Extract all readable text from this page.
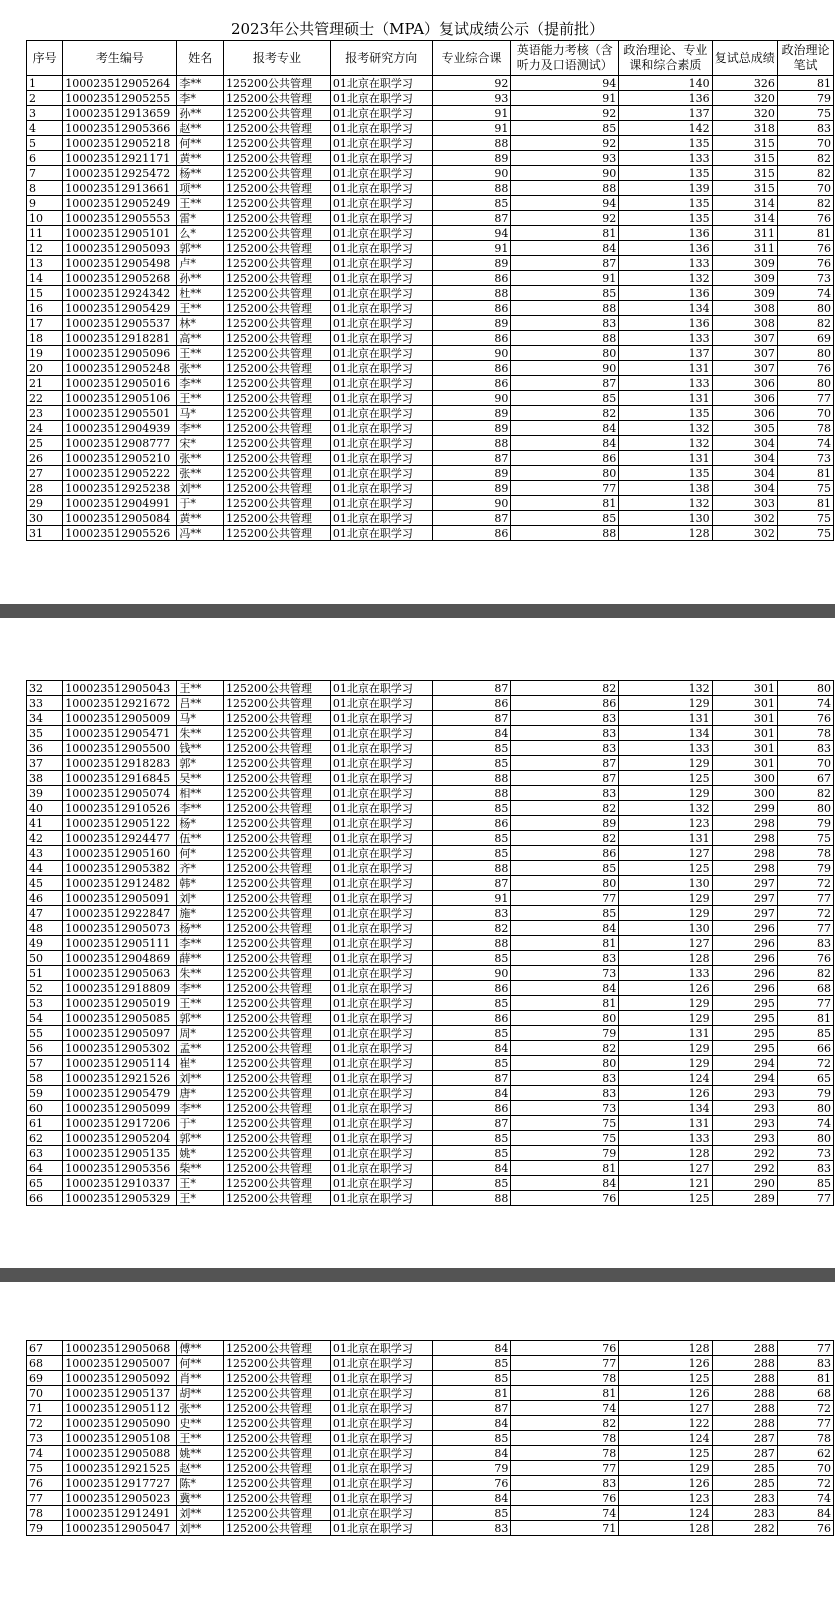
2023年公共管理硕士（MPA）复试成绩公示（提前批）
序号	考生编号	姓名	报考专业	报考研究方向	专业综合课	英语能力考核（含听力及口语测试）	政治理论、专业课和综合素质	复试总成绩	政治理论笔试
1	100023512905264	李**	125200公共管理	01北京在职学习	92	94	140	326	81
2	100023512905255	李*	125200公共管理	01北京在职学习	93	91	136	320	79
3	100023512913659	孙**	125200公共管理	01北京在职学习	91	92	137	320	75
4	100023512905366	赵**	125200公共管理	01北京在职学习	91	85	142	318	83
5	100023512905218	何**	125200公共管理	01北京在职学习	88	92	135	315	70
6	100023512921171	黄**	125200公共管理	01北京在职学习	89	93	133	315	82
7	100023512925472	杨**	125200公共管理	01北京在职学习	90	90	135	315	82
8	100023512913661	项**	125200公共管理	01北京在职学习	88	88	139	315	70
9	100023512905249	王**	125200公共管理	01北京在职学习	85	94	135	314	82
10	100023512905553	雷*	125200公共管理	01北京在职学习	87	92	135	314	76
11	100023512905101	么*	125200公共管理	01北京在职学习	94	81	136	311	81
12	100023512905093	郭**	125200公共管理	01北京在职学习	91	84	136	311	76
13	100023512905498	卢*	125200公共管理	01北京在职学习	89	87	133	309	76
14	100023512905268	孙**	125200公共管理	01北京在职学习	86	91	132	309	73
15	100023512924342	杜**	125200公共管理	01北京在职学习	88	85	136	309	74
16	100023512905429	王**	125200公共管理	01北京在职学习	86	88	134	308	80
17	100023512905537	林*	125200公共管理	01北京在职学习	89	83	136	308	82
18	100023512918281	高**	125200公共管理	01北京在职学习	86	88	133	307	69
19	100023512905096	王**	125200公共管理	01北京在职学习	90	80	137	307	80
20	100023512905248	张**	125200公共管理	01北京在职学习	86	90	131	307	76
21	100023512905016	李**	125200公共管理	01北京在职学习	86	87	133	306	80
22	100023512905106	王**	125200公共管理	01北京在职学习	90	85	131	306	77
23	100023512905501	马*	125200公共管理	01北京在职学习	89	82	135	306	70
24	100023512904939	李**	125200公共管理	01北京在职学习	89	84	132	305	78
25	100023512908777	宋*	125200公共管理	01北京在职学习	88	84	132	304	74
26	100023512905210	张**	125200公共管理	01北京在职学习	87	86	131	304	73
27	100023512905222	张**	125200公共管理	01北京在职学习	89	80	135	304	81
28	100023512925238	刘**	125200公共管理	01北京在职学习	89	77	138	304	75
29	100023512904991	于*	125200公共管理	01北京在职学习	90	81	132	303	81
30	100023512905084	黄**	125200公共管理	01北京在职学习	87	85	130	302	75
31	100023512905526	冯**	125200公共管理	01北京在职学习	86	88	128	302	75
32	100023512905043	王**	125200公共管理	01北京在职学习	87	82	132	301	80
33	100023512921672	吕**	125200公共管理	01北京在职学习	86	86	129	301	74
34	100023512905009	马*	125200公共管理	01北京在职学习	87	83	131	301	76
35	100023512905471	朱**	125200公共管理	01北京在职学习	84	83	134	301	78
36	100023512905500	钱**	125200公共管理	01北京在职学习	85	83	133	301	83
37	100023512918283	郭*	125200公共管理	01北京在职学习	85	87	129	301	70
38	100023512916845	吴**	125200公共管理	01北京在职学习	88	87	125	300	67
39	100023512905074	相**	125200公共管理	01北京在职学习	88	83	129	300	82
40	100023512910526	李**	125200公共管理	01北京在职学习	85	82	132	299	80
41	100023512905122	杨*	125200公共管理	01北京在职学习	86	89	123	298	79
42	100023512924477	伍**	125200公共管理	01北京在职学习	85	82	131	298	75
43	100023512905160	何*	125200公共管理	01北京在职学习	85	86	127	298	78
44	100023512905382	齐*	125200公共管理	01北京在职学习	88	85	125	298	79
45	100023512912482	韩*	125200公共管理	01北京在职学习	87	80	130	297	72
46	100023512905091	刘*	125200公共管理	01北京在职学习	91	77	129	297	77
47	100023512922847	施*	125200公共管理	01北京在职学习	83	85	129	297	72
48	100023512905073	杨**	125200公共管理	01北京在职学习	82	84	130	296	77
49	100023512905111	李**	125200公共管理	01北京在职学习	88	81	127	296	83
50	100023512904869	薛**	125200公共管理	01北京在职学习	85	83	128	296	76
51	100023512905063	朱**	125200公共管理	01北京在职学习	90	73	133	296	82
52	100023512918809	李**	125200公共管理	01北京在职学习	86	84	126	296	68
53	100023512905019	王**	125200公共管理	01北京在职学习	85	81	129	295	77
54	100023512905085	郭**	125200公共管理	01北京在职学习	86	80	129	295	81
55	100023512905097	周*	125200公共管理	01北京在职学习	85	79	131	295	85
56	100023512905302	孟**	125200公共管理	01北京在职学习	84	82	129	295	66
57	100023512905114	崔*	125200公共管理	01北京在职学习	85	80	129	294	72
58	100023512921526	刘**	125200公共管理	01北京在职学习	87	83	124	294	65
59	100023512905479	唐*	125200公共管理	01北京在职学习	84	83	126	293	79
60	100023512905099	李**	125200公共管理	01北京在职学习	86	73	134	293	80
61	100023512917206	于*	125200公共管理	01北京在职学习	87	75	131	293	74
62	100023512905204	郭**	125200公共管理	01北京在职学习	85	75	133	293	80
63	100023512905135	姚*	125200公共管理	01北京在职学习	85	79	128	292	73
64	100023512905356	柴**	125200公共管理	01北京在职学习	84	81	127	292	83
65	100023512910337	王*	125200公共管理	01北京在职学习	85	84	121	290	85
66	100023512905329	王*	125200公共管理	01北京在职学习	88	76	125	289	77
67	100023512905068	傅**	125200公共管理	01北京在职学习	84	76	128	288	77
68	100023512905007	何**	125200公共管理	01北京在职学习	85	77	126	288	83
69	100023512905092	肖**	125200公共管理	01北京在职学习	85	78	125	288	81
70	100023512905137	胡**	125200公共管理	01北京在职学习	81	81	126	288	68
71	100023512905112	张**	125200公共管理	01北京在职学习	87	74	127	288	72
72	100023512905090	史**	125200公共管理	01北京在职学习	84	82	122	288	77
73	100023512905108	王**	125200公共管理	01北京在职学习	85	78	124	287	78
74	100023512905088	姚**	125200公共管理	01北京在职学习	84	78	125	287	62
75	100023512921525	赵**	125200公共管理	01北京在职学习	79	77	129	285	70
76	100023512917727	陈*	125200公共管理	01北京在职学习	76	83	126	285	72
77	100023512905023	冀**	125200公共管理	01北京在职学习	84	76	123	283	74
78	100023512912491	刘**	125200公共管理	01北京在职学习	85	74	124	283	84
79	100023512905047	刘**	125200公共管理	01北京在职学习	83	71	128	282	76
